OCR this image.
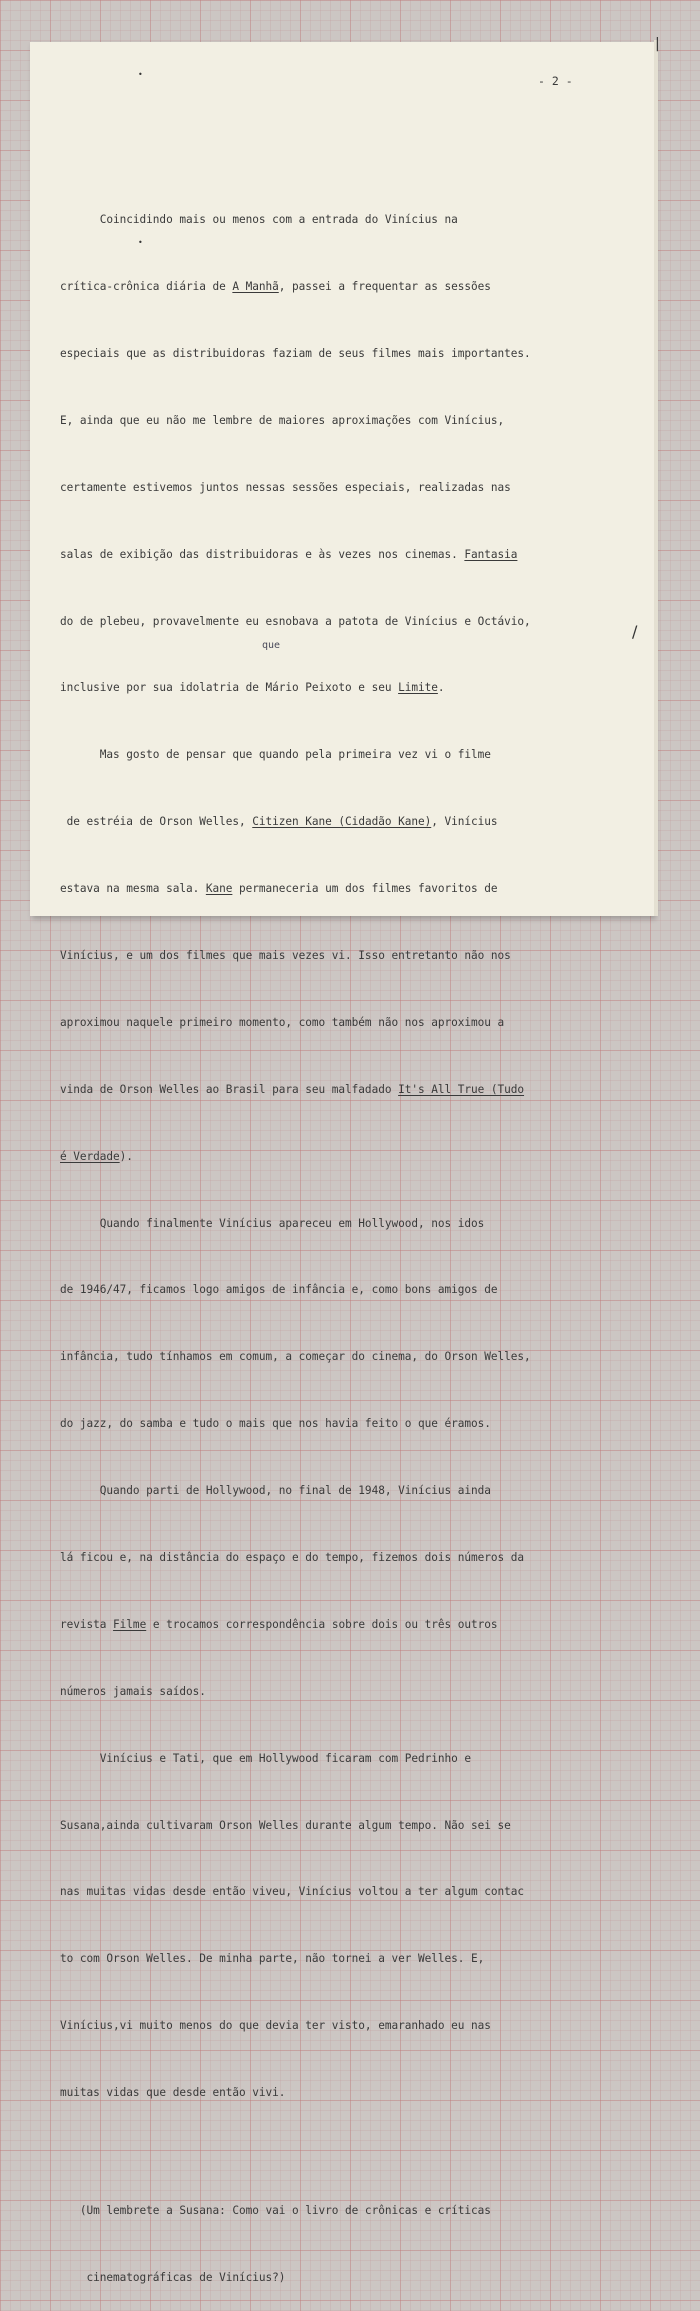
- 2 -

Coincidindo mais ou menos com a entrada do Vinícius na

crítica-crônica diária de A Manhã, passei a frequentar as sessões

especiais que as distribuidoras faziam de seus filmes mais importantes.

E, ainda que eu não me lembre de maiores aproximações com Vinícius,

certamente estivemos juntos nessas sessões especiais, realizadas nas

salas de exibição das distribuidoras e às vezes nos cinemas. Fantasia

do de plebeu, provavelmente eu esnobava a patota de Vinícius e Octávio,

inclusive por sua idolatria de Mário Peixoto e seu Limite.

Mas gosto de pensar que quando pela primeira vez vi o filme

de estréia de Orson Welles, Citizen Kane (Cidadão Kane), Vinícius

estava na mesma sala. Kane permaneceria um dos filmes favoritos de

Vinícius, e um dos filmes que mais vezes vi. Isso entretanto não nos

aproximou naquele primeiro momento, como também não nos aproximou a

vinda de Orson Welles ao Brasil para seu malfadado It's All True (Tudo

é Verdade).

Quando finalmente Vinícius apareceu em Hollywood, nos idos

de 1946/47, ficamos logo amigos de infância e, como bons amigos de

infância, tudo tínhamos em comum, a começar do cinema, do Orson Welles,

do jazz, do samba e tudo o mais que nos havia feito o que éramos.

Quando parti de Hollywood, no final de 1948, Vinícius ainda

lá ficou e, na distância do espaço e do tempo, fizemos dois números da

revista Filme e trocamos correspondência sobre dois ou três outros

números jamais saídos.

Vinícius e Tati, que em Hollywood ficaram com Pedrinho e

Susana,ainda cultivaram Orson Welles durante algum tempo. Não sei se

nas muitas vidas desde então viveu, Vinícius voltou a ter algum contac

to com Orson Welles. De minha parte, não tornei a ver Welles. E,

Vinícius,vi muito menos do que devia ter visto, emaranhado eu nas

muitas vidas que desde então vivi.

(Um lembrete a Susana: Como vai o livro de crônicas e críticas

cinematográficas de Vinícius?)

que
|
•
•
/
